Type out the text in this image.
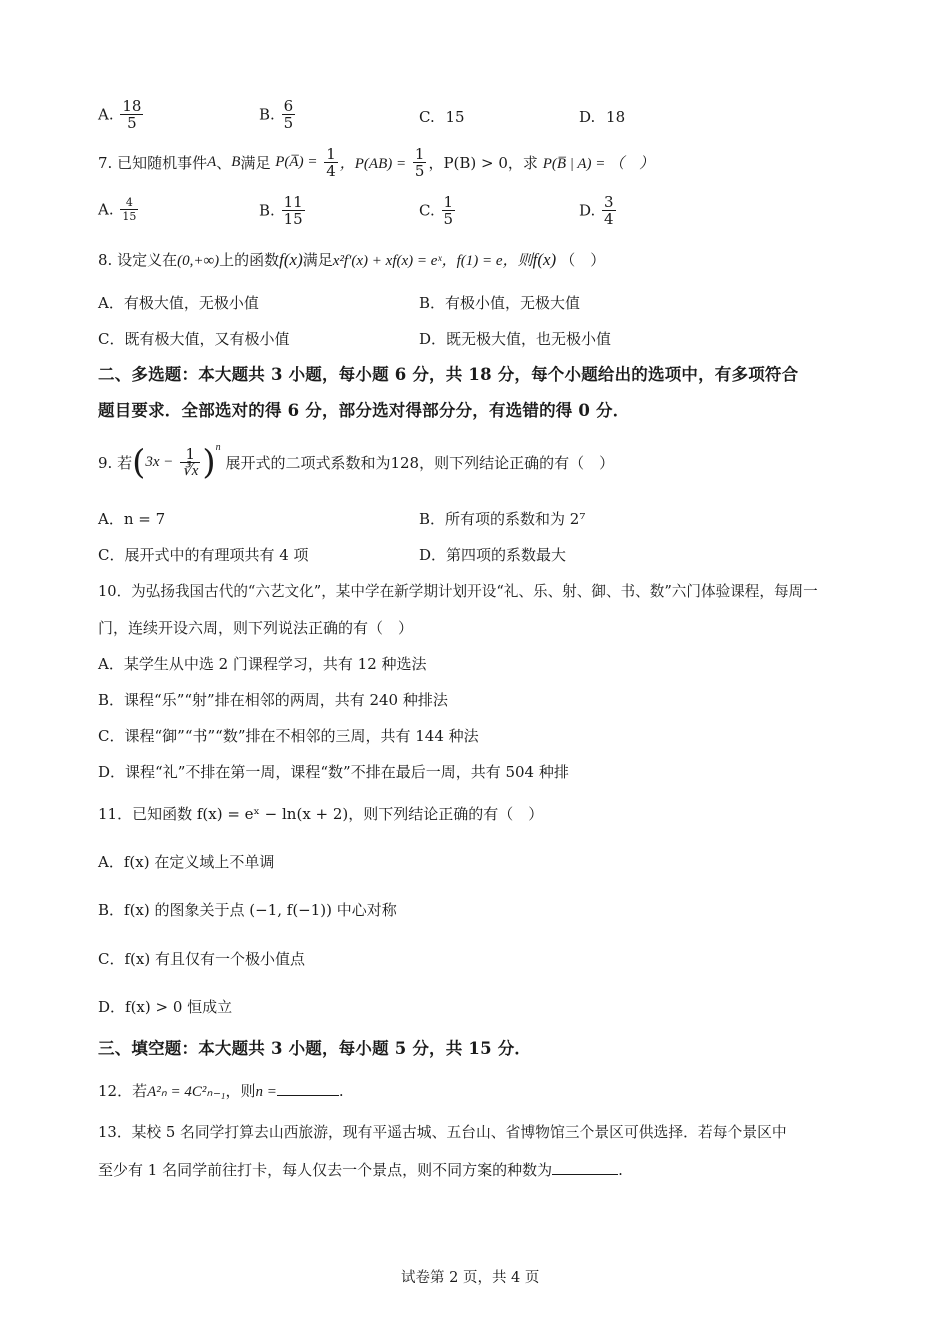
A. $\frac{18}{5}$	B. $\frac{6}{5}$	C. 15	D. 18
7. 已知随机事件A、B满足 P(A̅) = $\frac{1}{4}$ ，$P(AB) = \frac{1}{5}$ ，P(B) > 0，求 P(B̅ | A) = （　）
A. $\frac{4}{15}$	B. $\frac{11}{15}$	C. $\frac{1}{5}$	D. $\frac{3}{4}$
8. 设定义在(0,+∞)上的函数f(x)满足x²f′(x) + xf(x) = eˣ，f(1) = e，则f(x) （　）
A．有极大值，无极小值	B．有极小值，无极大值
C．既有极大值，又有极小值	D．既无极大值，也无极小值
二、多选题：本大题共 3 小题，每小题 6 分，共 18 分，每个小题给出的选项中，有多项符合
题目要求．全部选对的得 6 分，部分选对得部分分，有选错的得 0 分．
9. 若$(3x - \frac{1}{∛x} )^n$ 展开式的二项式系数和为128，则下列结论正确的有（　）
A．n = 7	B．所有项的系数和为 2⁷
C．展开式中的有理项共有 4 项	D．第四项的系数最大
10．为弘扬我国古代的“六艺文化”，某中学在新学期计划开设“礼、乐、射、御、书、数”六门体验课程，每周一
门，连续开设六周，则下列说法正确的有（　）
A．某学生从中选 2 门课程学习，共有 12 种选法
B．课程“乐”“射”排在相邻的两周，共有 240 种排法
C．课程“御”“书”“数”排在不相邻的三周，共有 144 种法
D．课程“礼”不排在第一周，课程“数”不排在最后一周，共有 504 种排
11．已知函数 f(x) = eˣ − ln(x + 2)，则下列结论正确的有（　）
A．f(x) 在定义域上不单调
B．f(x) 的图象关于点 (−1, f(−1)) 中心对称
C．f(x) 有且仅有一个极小值点
D．f(x) > 0 恒成立
三、填空题：本大题共 3 小题，每小题 5 分，共 15 分．
12．若A²ₙ = 4C²ₙ₋₁，则n =	.
13．某校 5 名同学打算去山西旅游，现有平遥古城、五台山、省博物馆三个景区可供选择．若每个景区中
至少有 1 名同学前往打卡，每人仅去一个景点，则不同方案的种数为	.
试卷第 2 页，共 4 页
